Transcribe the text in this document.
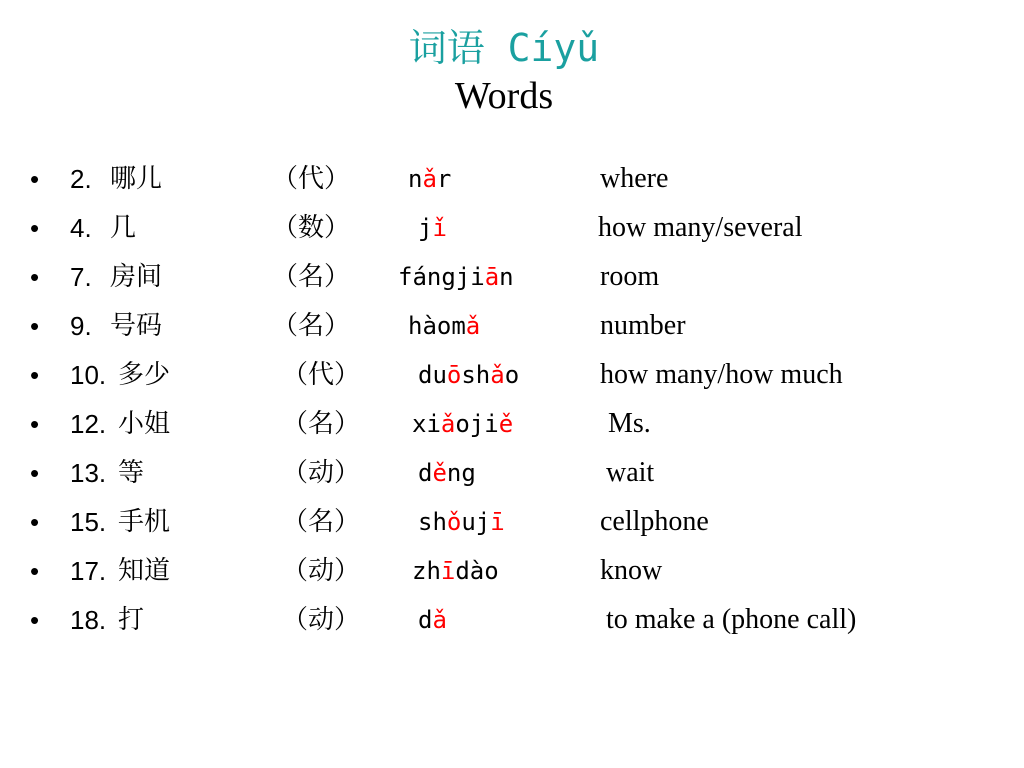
词语 Cíyǔ
Words
• 2. 哪儿	（代） nǎr	where
• 4. 几	（数）	jǐ	how many/several
• 7. 房间	（名） fángjiān	room
• 9. 号码	（名） hàomǎ	number
• 10. 多少	（代） duōshǎo	how many/how much
• 12. 小姐	（名） xiǎojiě	Ms.
• 13. 等	（动） děng	wait
• 15. 手机	（名） shǒujī	cellphone
• 17. 知道	（动） zhīdào	know
• 18. 打	（动） dǎ	to make a (phone call)
